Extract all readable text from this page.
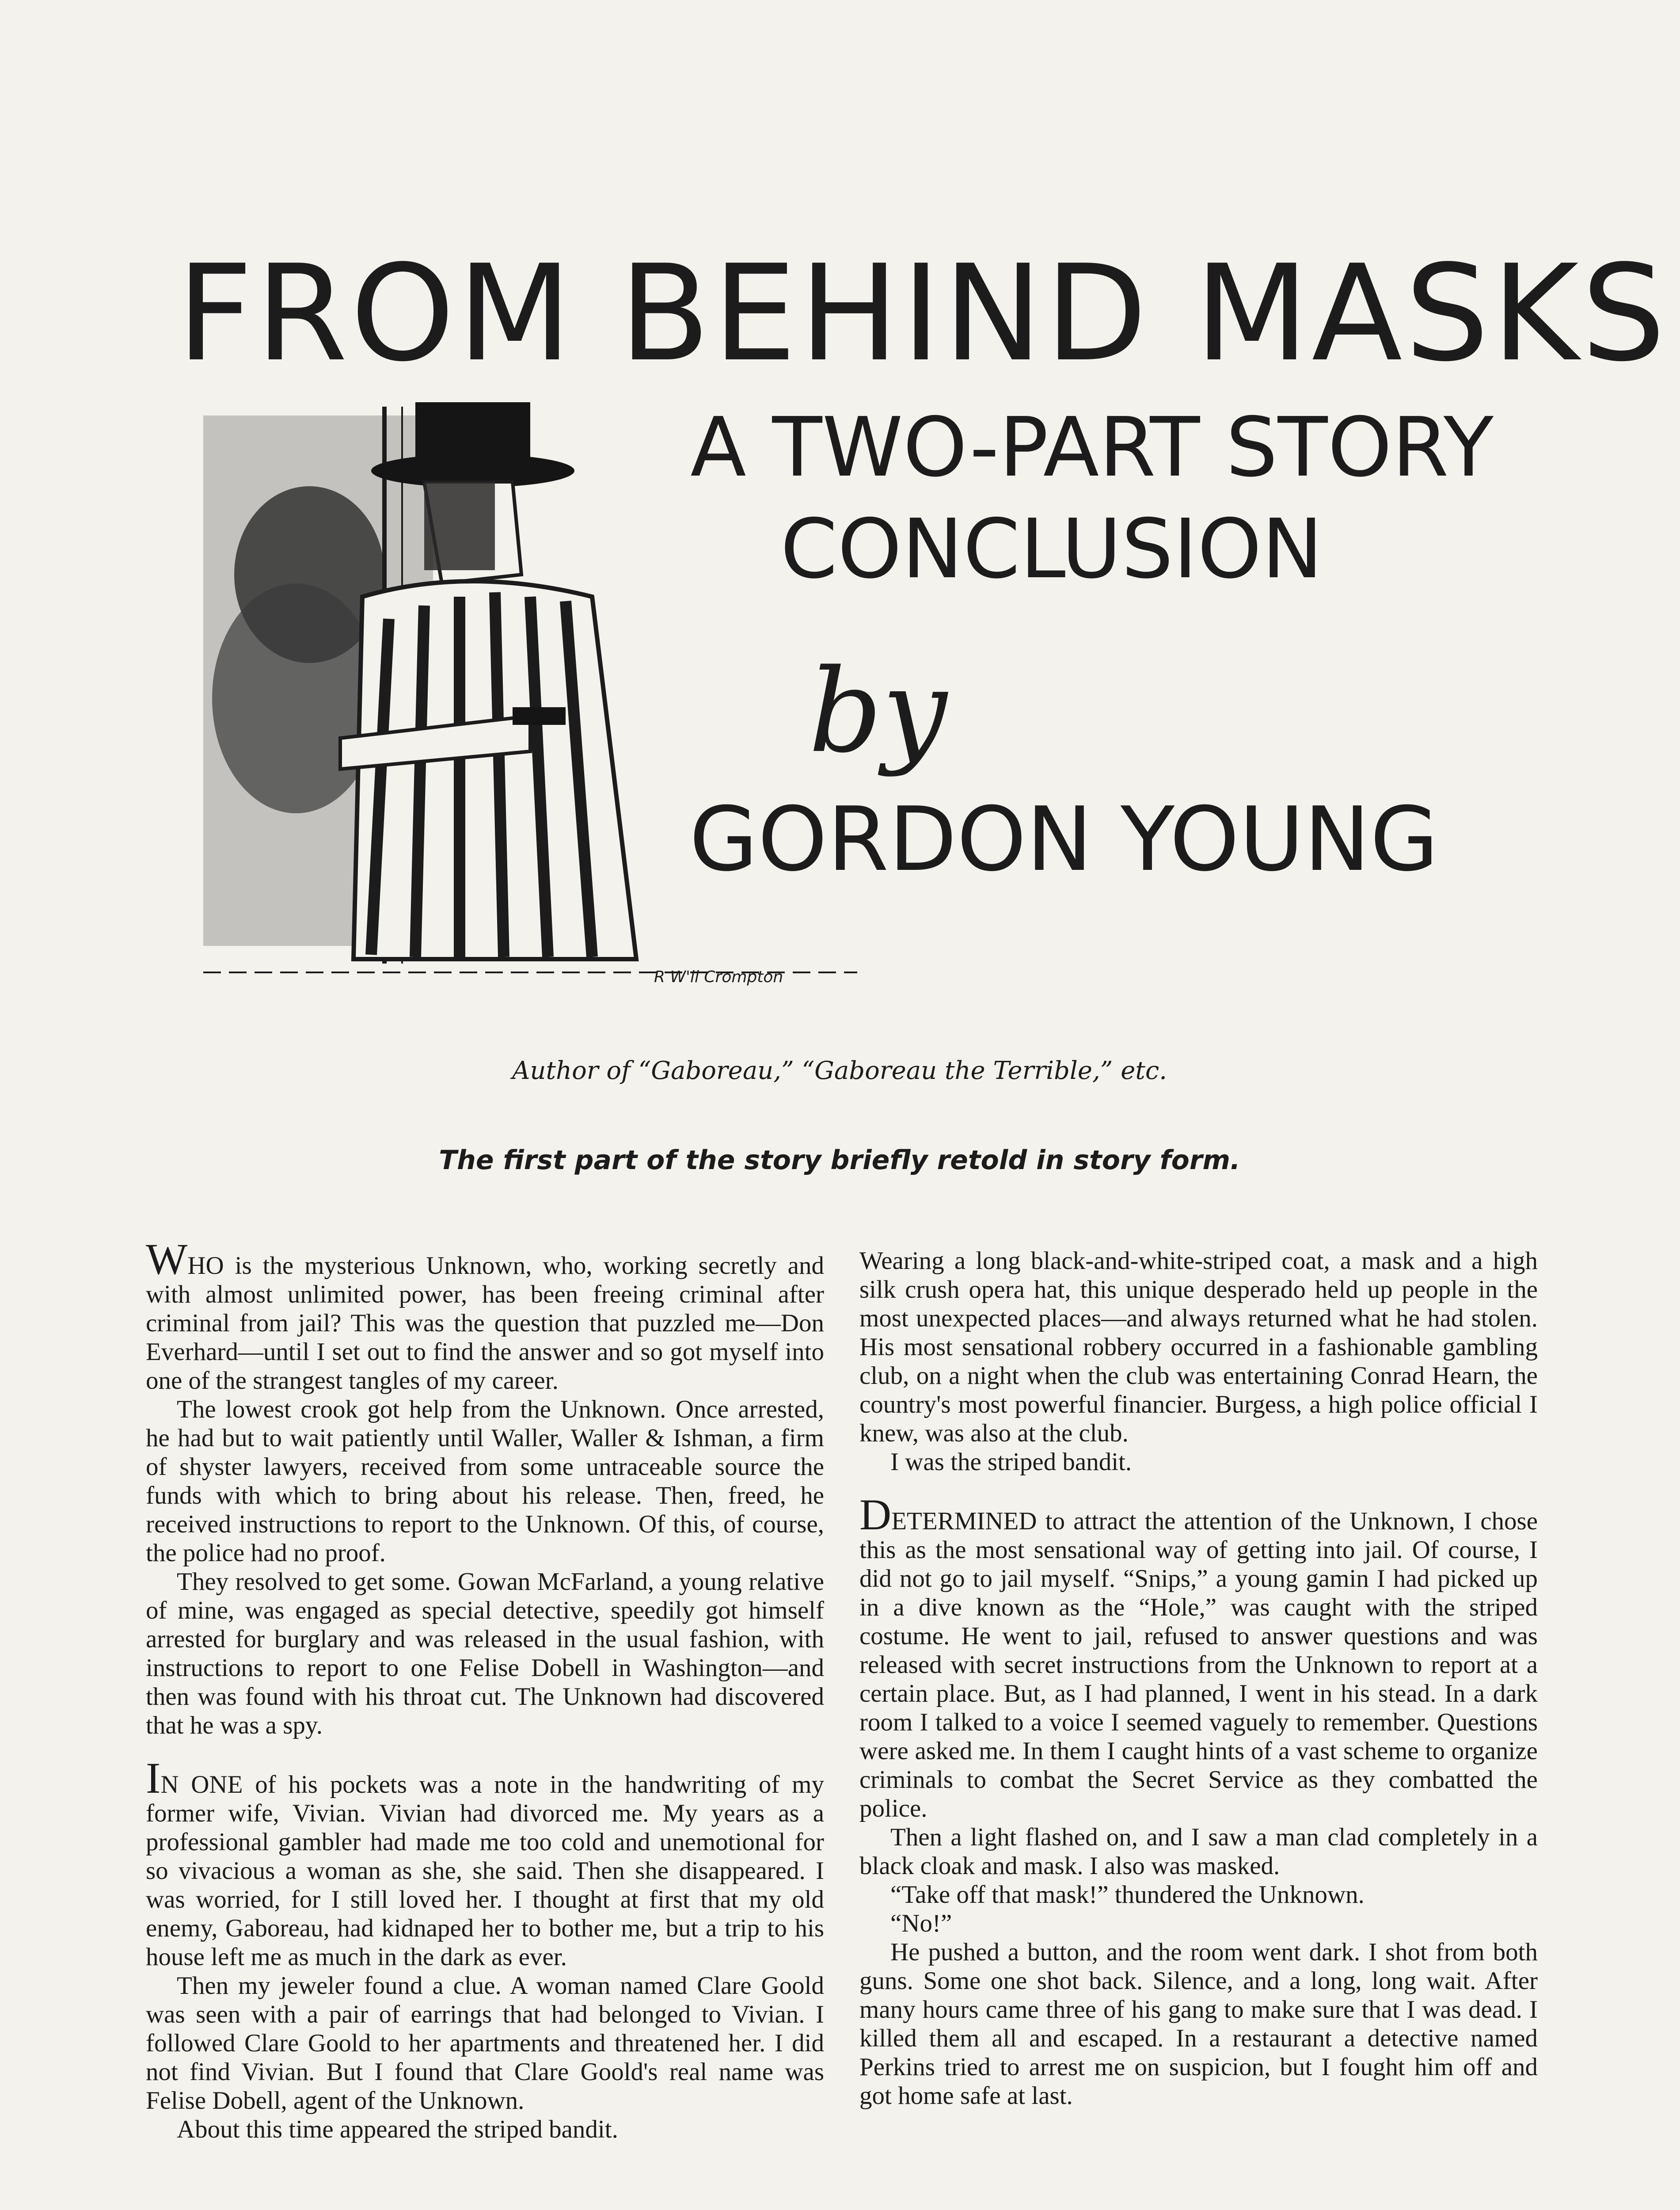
FROM BEHIND MASKS
A TWO-PART STORY
CONCLUSION
by
GORDON YOUNG
R W'll Crompton
Author of “Gaboreau,” “Gaboreau the Terrible,” etc.
The first part of the story briefly retold in story form.

WHO is the mysterious Unknown, who, working secretly and with almost unlimited power, has been freeing criminal after criminal from jail? This was the question that puzzled me—Don Everhard—until I set out to find the answer and so got myself into one of the strangest tangles of my career.

The lowest crook got help from the Unknown. Once arrested, he had but to wait patiently until Waller, Waller & Ishman, a firm of shyster lawyers, received from some untraceable source the funds with which to bring about his release. Then, freed, he received instructions to report to the Unknown. Of this, of course, the police had no proof.

They resolved to get some. Gowan McFarland, a young relative of mine, was engaged as special detective, speedily got himself arrested for burglary and was released in the usual fashion, with instructions to report to one Felise Dobell in Washington—and then was found with his throat cut. The Unknown had discovered that he was a spy.

IN ONE of his pockets was a note in the handwriting of my former wife, Vivian. Vivian had divorced me. My years as a professional gambler had made me too cold and unemotional for so vivacious a woman as she, she said. Then she disappeared. I was worried, for I still loved her. I thought at first that my old enemy, Gaboreau, had kidnaped her to bother me, but a trip to his house left me as much in the dark as ever.

Then my jeweler found a clue. A woman named Clare Goold was seen with a pair of earrings that had belonged to Vivian. I followed Clare Goold to her apartments and threatened her. I did not find Vivian. But I found that Clare Goold's real name was Felise Dobell, agent of the Unknown.

About this time appeared the striped bandit.

Wearing a long black-and-white-striped coat, a mask and a high silk crush opera hat, this unique desperado held up people in the most unexpected places—and always returned what he had stolen. His most sensational robbery occurred in a fashionable gambling club, on a night when the club was entertaining Conrad Hearn, the country's most powerful financier. Burgess, a high police official I knew, was also at the club.

I was the striped bandit.

DETERMINED to attract the attention of the Unknown, I chose this as the most sensational way of getting into jail. Of course, I did not go to jail myself. “Snips,” a young gamin I had picked up in a dive known as the “Hole,” was caught with the striped costume. He went to jail, refused to answer questions and was released with secret instructions from the Unknown to report at a certain place. But, as I had planned, I went in his stead. In a dark room I talked to a voice I seemed vaguely to remember. Questions were asked me. In them I caught hints of a vast scheme to organize criminals to combat the Secret Service as they combatted the police.

Then a light flashed on, and I saw a man clad completely in a black cloak and mask. I also was masked.

“Take off that mask!” thundered the Unknown.

“No!”

He pushed a button, and the room went dark. I shot from both guns. Some one shot back. Silence, and a long, long wait. After many hours came three of his gang to make sure that I was dead. I killed them all and escaped. In a restaurant a detective named Perkins tried to arrest me on suspicion, but I fought him off and got home safe at last.
